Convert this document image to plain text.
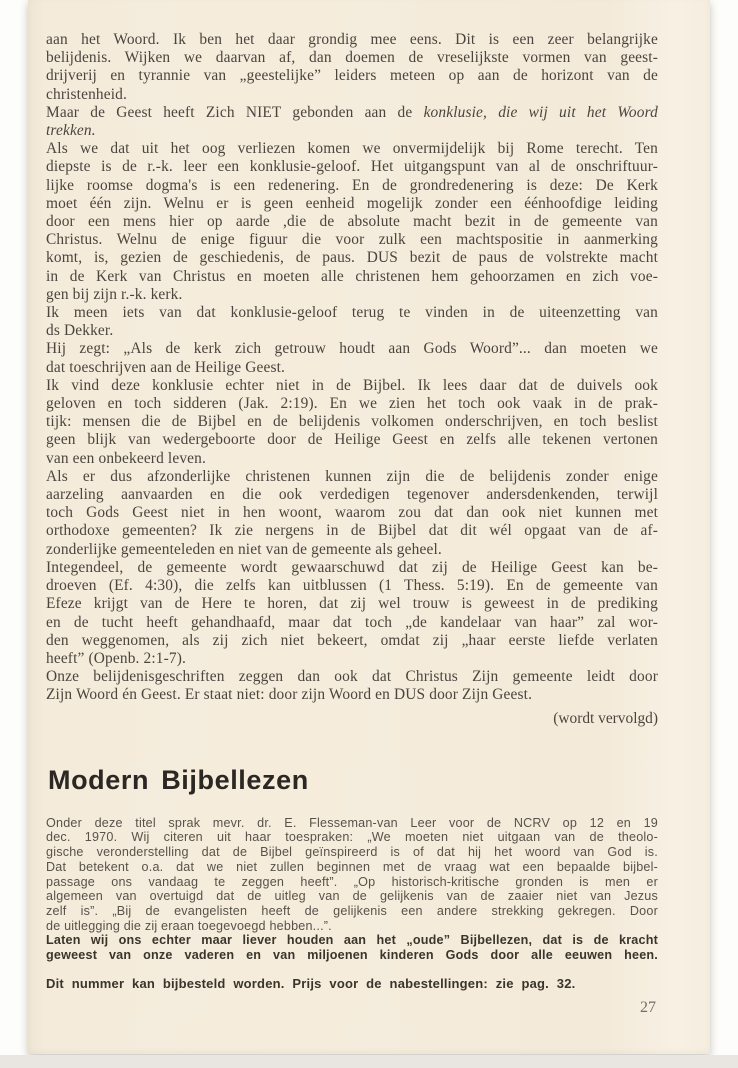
aan het Woord. Ik ben het daar grondig mee eens. Dit is een zeer belangrijke
belijdenis. Wijken we daarvan af, dan doemen de vreselijkste vormen van geest-
drijverij en tyrannie van „geestelijke” leiders meteen op aan de horizont van de
christenheid.
Maar de Geest heeft Zich NIET gebonden aan de konklusie, die wij uit het Woord
trekken.
Als we dat uit het oog verliezen komen we onvermijdelijk bij Rome terecht. Ten
diepste is de r.-k. leer een konklusie-geloof. Het uitgangspunt van al de onschriftuur-
lijke roomse dogma's is een redenering. En de grondredenering is deze: De Kerk
moet één zijn. Welnu er is geen eenheid mogelijk zonder een éénhoofdige leiding
door een mens hier op aarde ,die de absolute macht bezit in de gemeente van
Christus. Welnu de enige figuur die voor zulk een machtspositie in aanmerking
komt, is, gezien de geschiedenis, de paus. DUS bezit de paus de volstrekte macht
in de Kerk van Christus en moeten alle christenen hem gehoorzamen en zich voe-
gen bij zijn r.-k. kerk.
Ik meen iets van dat konklusie-geloof terug te vinden in de uiteenzetting van
ds Dekker.
Hij zegt: „Als de kerk zich getrouw houdt aan Gods Woord”... dan moeten we
dat toeschrijven aan de Heilige Geest.
Ik vind deze konklusie echter niet in de Bijbel. Ik lees daar dat de duivels ook
geloven en toch sidderen (Jak. 2:19). En we zien het toch ook vaak in de prak-
tijk: mensen die de Bijbel en de belijdenis volkomen onderschrijven, en toch beslist
geen blijk van wedergeboorte door de Heilige Geest en zelfs alle tekenen vertonen
van een onbekeerd leven.
Als er dus afzonderlijke christenen kunnen zijn die de belijdenis zonder enige
aarzeling aanvaarden en die ook verdedigen tegenover andersdenkenden, terwijl
toch Gods Geest niet in hen woont, waarom zou dat dan ook niet kunnen met
orthodoxe gemeenten? Ik zie nergens in de Bijbel dat dit wél opgaat van de af-
zonderlijke gemeenteleden en niet van de gemeente als geheel.
Integendeel, de gemeente wordt gewaarschuwd dat zij de Heilige Geest kan be-
droeven (Ef. 4:30), die zelfs kan uitblussen (1 Thess. 5:19). En de gemeente van
Efeze krijgt van de Here te horen, dat zij wel trouw is geweest in de prediking
en de tucht heeft gehandhaafd, maar dat toch „de kandelaar van haar” zal wor-
den weggenomen, als zij zich niet bekeert, omdat zij „haar eerste liefde verlaten
heeft” (Openb. 2:1-7).
Onze belijdenisgeschriften zeggen dan ook dat Christus Zijn gemeente leidt door
Zijn Woord én Geest. Er staat niet: door zijn Woord en DUS door Zijn Geest.
(wordt vervolgd)
Modern Bijbellezen
Onder deze titel sprak mevr. dr. E. Flesseman-van Leer voor de NCRV op 12 en 19
dec. 1970. Wij citeren uit haar toespraken: „We moeten niet uitgaan van de theolo-
gische veronderstelling dat de Bijbel geïnspireerd is of dat hij het woord van God is.
Dat betekent o.a. dat we niet zullen beginnen met de vraag wat een bepaalde bijbel-
passage ons vandaag te zeggen heeft”. „Op historisch-kritische gronden is men er
algemeen van overtuigd dat de uitleg van de gelijkenis van de zaaier niet van Jezus
zelf is”. „Bij de evangelisten heeft de gelijkenis een andere strekking gekregen. Door
de uitlegging die zij eraan toegevoegd hebben...”.
Laten wij ons echter maar liever houden aan het „oude” Bijbellezen, dat is de kracht
geweest van onze vaderen en van miljoenen kinderen Gods door alle eeuwen heen.
Dit nummer kan bijbesteld worden. Prijs voor de nabestellingen: zie pag. 32.
27
